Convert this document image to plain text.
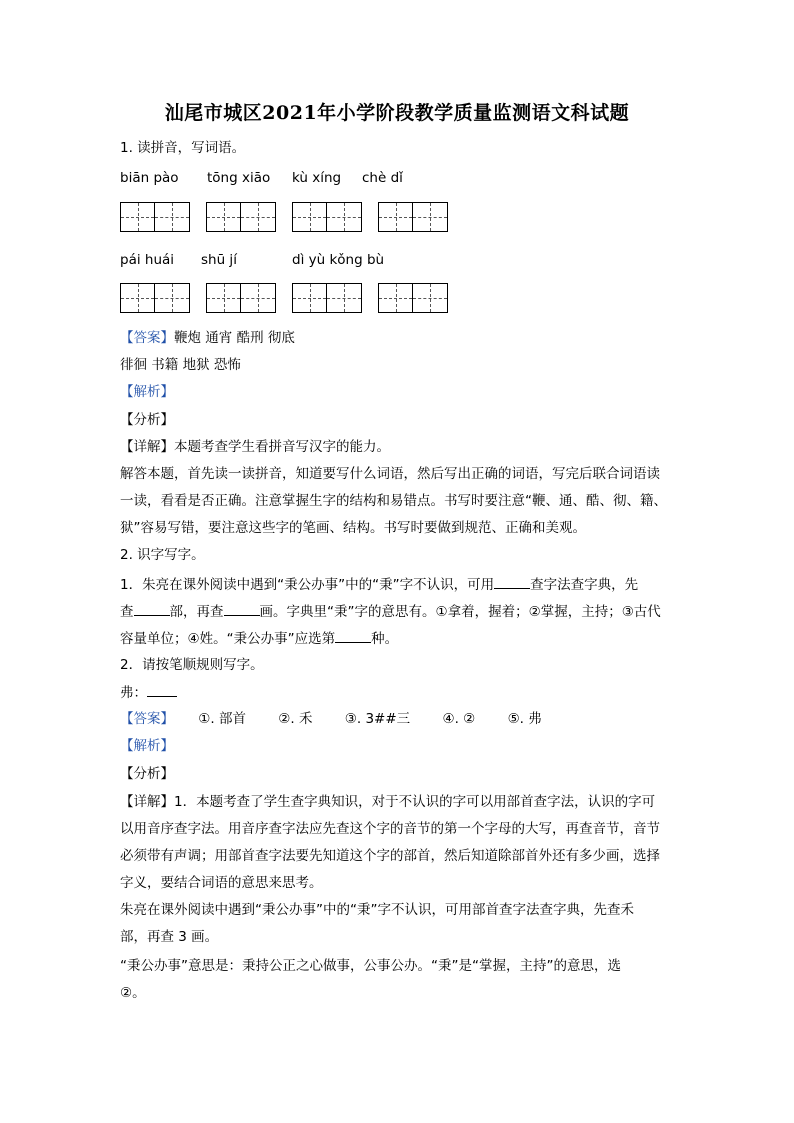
汕尾市城区2021年小学阶段教学质量监测语文科试题
1. 读拼音，写词语。
biān pào tōng xiāo kù xíng chè dǐ
pái huái shū jí	dì yù kǒng bù
【答案】鞭炮 通宵 酷刑 彻底
徘徊 书籍 地狱 恐怖
【解析】
【分析】
【详解】本题考查学生看拼音写汉字的能力。
解答本题，首先读一读拼音，知道要写什么词语，然后写出正确的词语，写完后联合词语读
一读，看看是否正确。注意掌握生字的结构和易错点。书写时要注意“鞭、通、酷、彻、籍、
狱”容易写错，要注意这些字的笔画、结构。书写时要做到规范、正确和美观。
2. 识字写字。
1．朱亮在课外阅读中遇到“秉公办事”中的“秉”字不认识，可用	查字法查字典，先
查	部，再查	画。字典里“秉”字的意思有。①拿着，握着；②掌握，主持；③古代
容量单位；④姓。“秉公办事”应选第	种。
2．请按笔顺规则写字。
弗：
【答案】 ①. 部首 ②. 禾 ③. 3##三 ④. ② ⑤. 弗
【解析】
【分析】
【详解】1．本题考查了学生查字典知识，对于不认识的字可以用部首查字法，认识的字可
以用音序查字法。用音序查字法应先查这个字的音节的第一个字母的大写，再查音节，音节
必须带有声调；用部首查字法要先知道这个字的部首，然后知道除部首外还有多少画，选择
字义，要结合词语的意思来思考。
朱亮在课外阅读中遇到“秉公办事”中的“秉”字不认识，可用部首查字法查字典，先查禾
部，再查 3 画。
“秉公办事”意思是：秉持公正之心做事，公事公办。“秉”是“掌握，主持”的意思，选
②。
